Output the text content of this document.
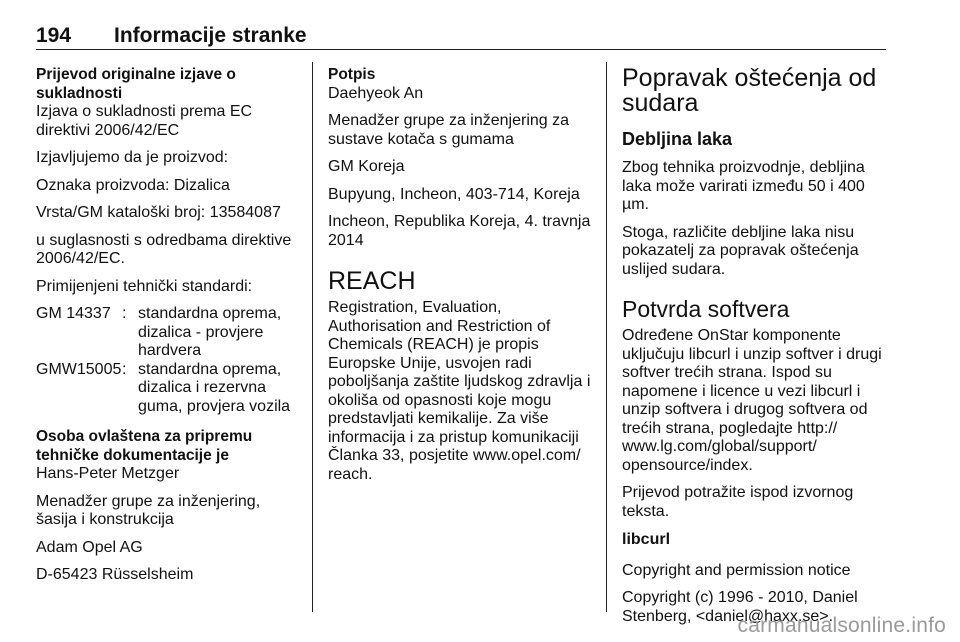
194 Informacije stranke

Prijevod originalne izjave o sukladnosti

Izjava o sukladnosti prema EC direktivi 2006/42/EC

Izjavljujemo da je proizvod:

Oznaka proizvoda: Dizalica

Vrsta/GM kataloški broj: 13584087

u suglasnosti s odredbama direktive 2006/42/EC.

Primijenjeni tehnički standardi:

GM 14337	:	standardna oprema, dizalica - provjere hardvera
GMW15005	:	standardna oprema, dizalica i rezervna guma, provjera vozila

Osoba ovlaštena za pripremu tehničke dokumentacije je

Hans-Peter Metzger

Menadžer grupe za inženjering, šasija i konstrukcija

Adam Opel AG

D-65423 Rüsselsheim

Potpis

Daehyeok An

Menadžer grupe za inženjering za sustave kotača s gumama

GM Koreja

Bupyung, Incheon, 403-714, Koreja

Incheon, Republika Koreja, 4. travnja 2014

REACH

Registration, Evaluation, Authorisation and Restriction of Chemicals (REACH) je propis Europske Unije, usvojen radi poboljšanja zaštite ljudskog zdravlja i okoliša od opasnosti koje mogu predstavljati kemikalije. Za više informacija i za pristup komunikaciji Članka 33, posjetite www.opel.com/ reach.

Popravak oštećenja od sudara
Debljina laka

Zbog tehnika proizvodnje, debljina laka može varirati između 50 i 400 µm.

Stoga, različite debljine laka nisu pokazatelj za popravak oštećenja uslijed sudara.

Potvrda softvera

Određene OnStar komponente uključuju libcurl i unzip softver i drugi softver trećih strana. Ispod su napomene i licence u vezi libcurl i unzip softvera i drugog softvera od trećih strana, pogledajte http:// www.lg.com/global/support/ opensource/index.

Prijevod potražite ispod izvornog teksta.

libcurl

Copyright and permission notice

Copyright (c) 1996 - 2010, Daniel Stenberg, <daniel@haxx.se>.

carmanualsonline.info
